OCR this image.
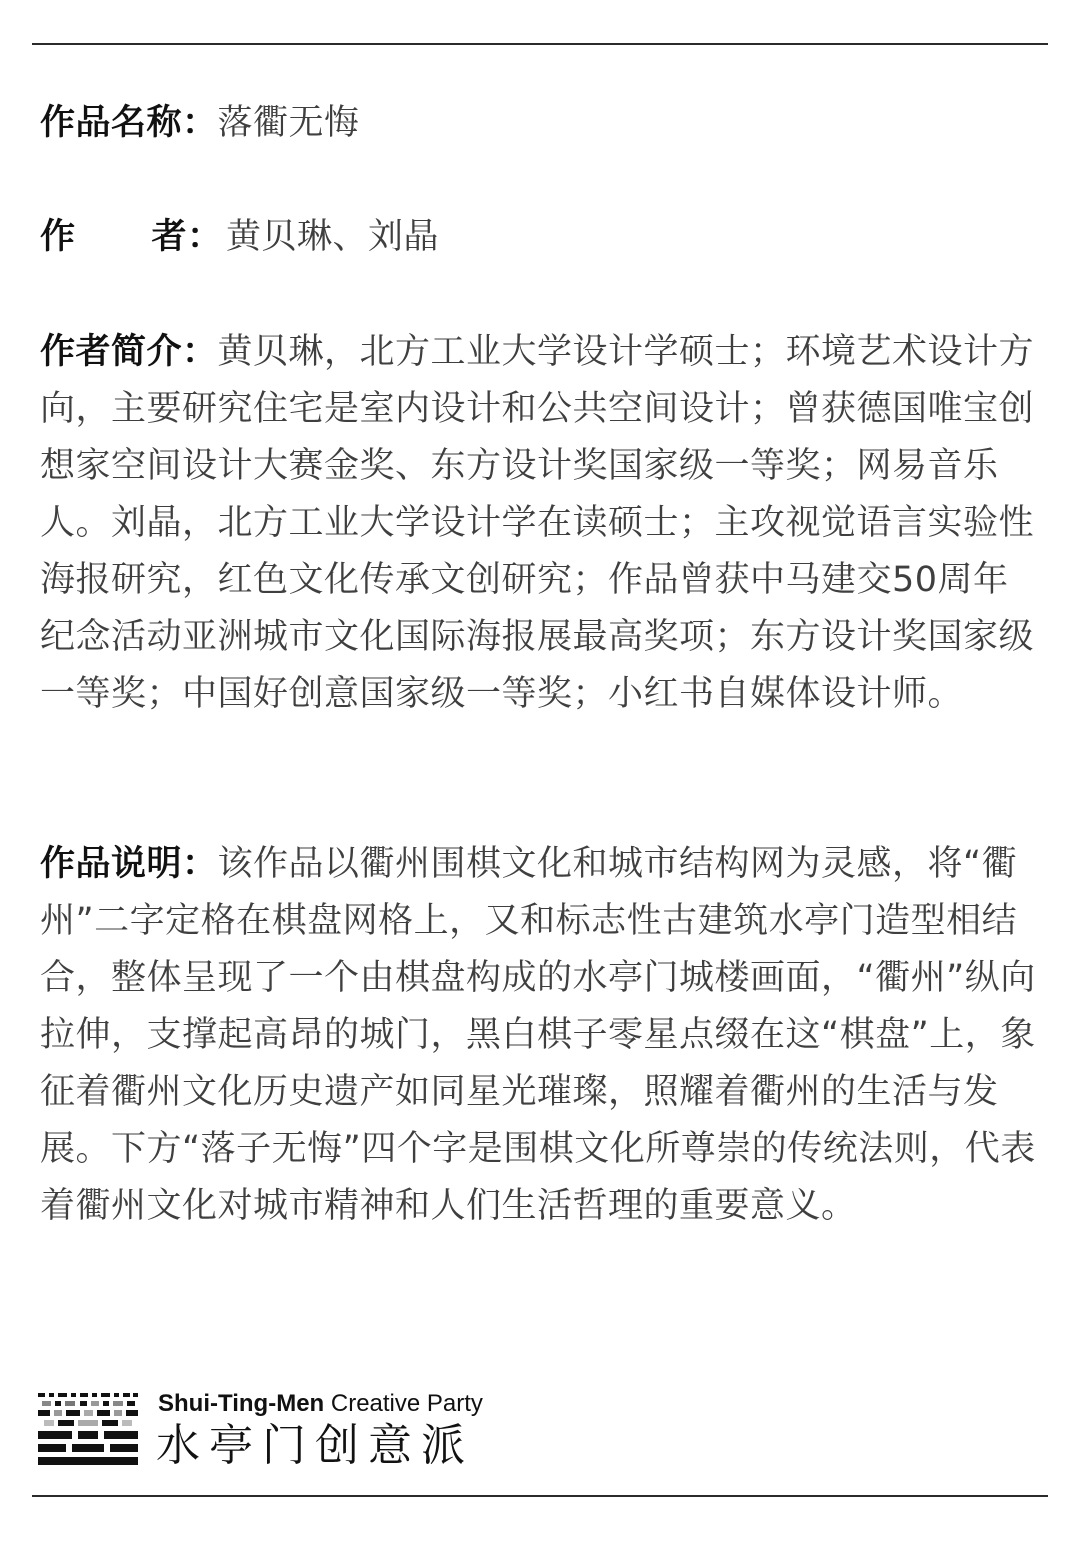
作品名称：落衢无悔
作 者：黄贝琳、刘晶
作者简介：黄贝琳，北方工业大学设计学硕士；环境艺术设计方向，主要研究住宅是室内设计和公共空间设计；曾获德国唯宝创想家空间设计大赛金奖、东方设计奖国家级一等奖；网易音乐人。刘晶，北方工业大学设计学在读硕士；主攻视觉语言实验性海报研究，红色文化传承文创研究；作品曾获中马建交50周年纪念活动亚洲城市文化国际海报展最高奖项；东方设计奖国家级一等奖；中国好创意国家级一等奖；小红书自媒体设计师。
作品说明：该作品以衢州围棋文化和城市结构网为灵感，将“衢州”二字定格在棋盘网格上，又和标志性古建筑水亭门造型相结合，整体呈现了一个由棋盘构成的水亭门城楼画面，“衢州”纵向拉伸，支撑起高昂的城门，黑白棋子零星点缀在这“棋盘”上，象征着衢州文化历史遗产如同星光璀璨，照耀着衢州的生活与发展。下方“落子无悔”四个字是围棋文化所尊崇的传统法则，代表着衢州文化对城市精神和人们生活哲理的重要意义。
Shui-Ting-Men Creative Party
水亭门创意派
